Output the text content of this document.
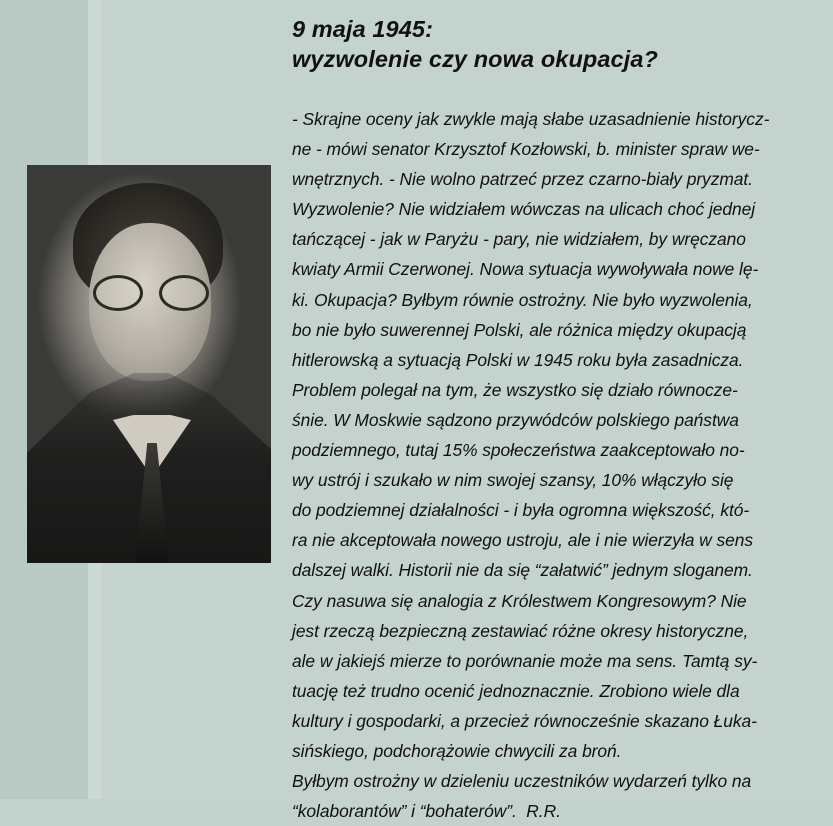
9 maja 1945:
wyzwolenie czy nowa okupacja?
- Skrajne oceny jak zwykle mają słabe uzasadnienie historycz-
ne - mówi senator Krzysztof Kozłowski, b. minister spraw we-
wnętrznych. - Nie wolno patrzeć przez czarno-biały pryzmat.
Wyzwolenie? Nie widziałem wówczas na ulicach choć jednej
tańczącej - jak w Paryżu - pary, nie widziałem, by wręczano
kwiaty Armii Czerwonej. Nowa sytuacja wywoływała nowe lę-
ki. Okupacja? Byłbym równie ostrożny. Nie było wyzwolenia,
bo nie było suwerennej Polski, ale różnica między okupacją
hitlerowską a sytuacją Polski w 1945 roku była zasadnicza.
Problem polegał na tym, że wszystko się działo równocze-
śnie. W Moskwie sądzono przywódców polskiego państwa
podziemnego, tutaj 15% społeczeństwa zaakceptowało no-
wy ustrój i szukało w nim swojej szansy, 10% włączyło się
do podziemnej działalności - i była ogromna większość, któ-
ra nie akceptowała nowego ustroju, ale i nie wierzyła w sens
dalszej walki. Historii nie da się “załatwić” jednym sloganem.
Czy nasuwa się analogia z Królestwem Kongresowym? Nie
jest rzeczą bezpieczną zestawiać różne okresy historyczne,
ale w jakiejś mierze to porównanie może ma sens. Tamtą sy-
tuację też trudno ocenić jednoznacznie. Zrobiono wiele dla
kultury i gospodarki, a przecież równocześnie skazano Łuka-
sińskiego, podchorążowie chwycili za broń.
Byłbym ostrożny w dzieleniu uczestników wydarzeń tylko na
“kolaborantów” i “bohaterów”.  R.R.
